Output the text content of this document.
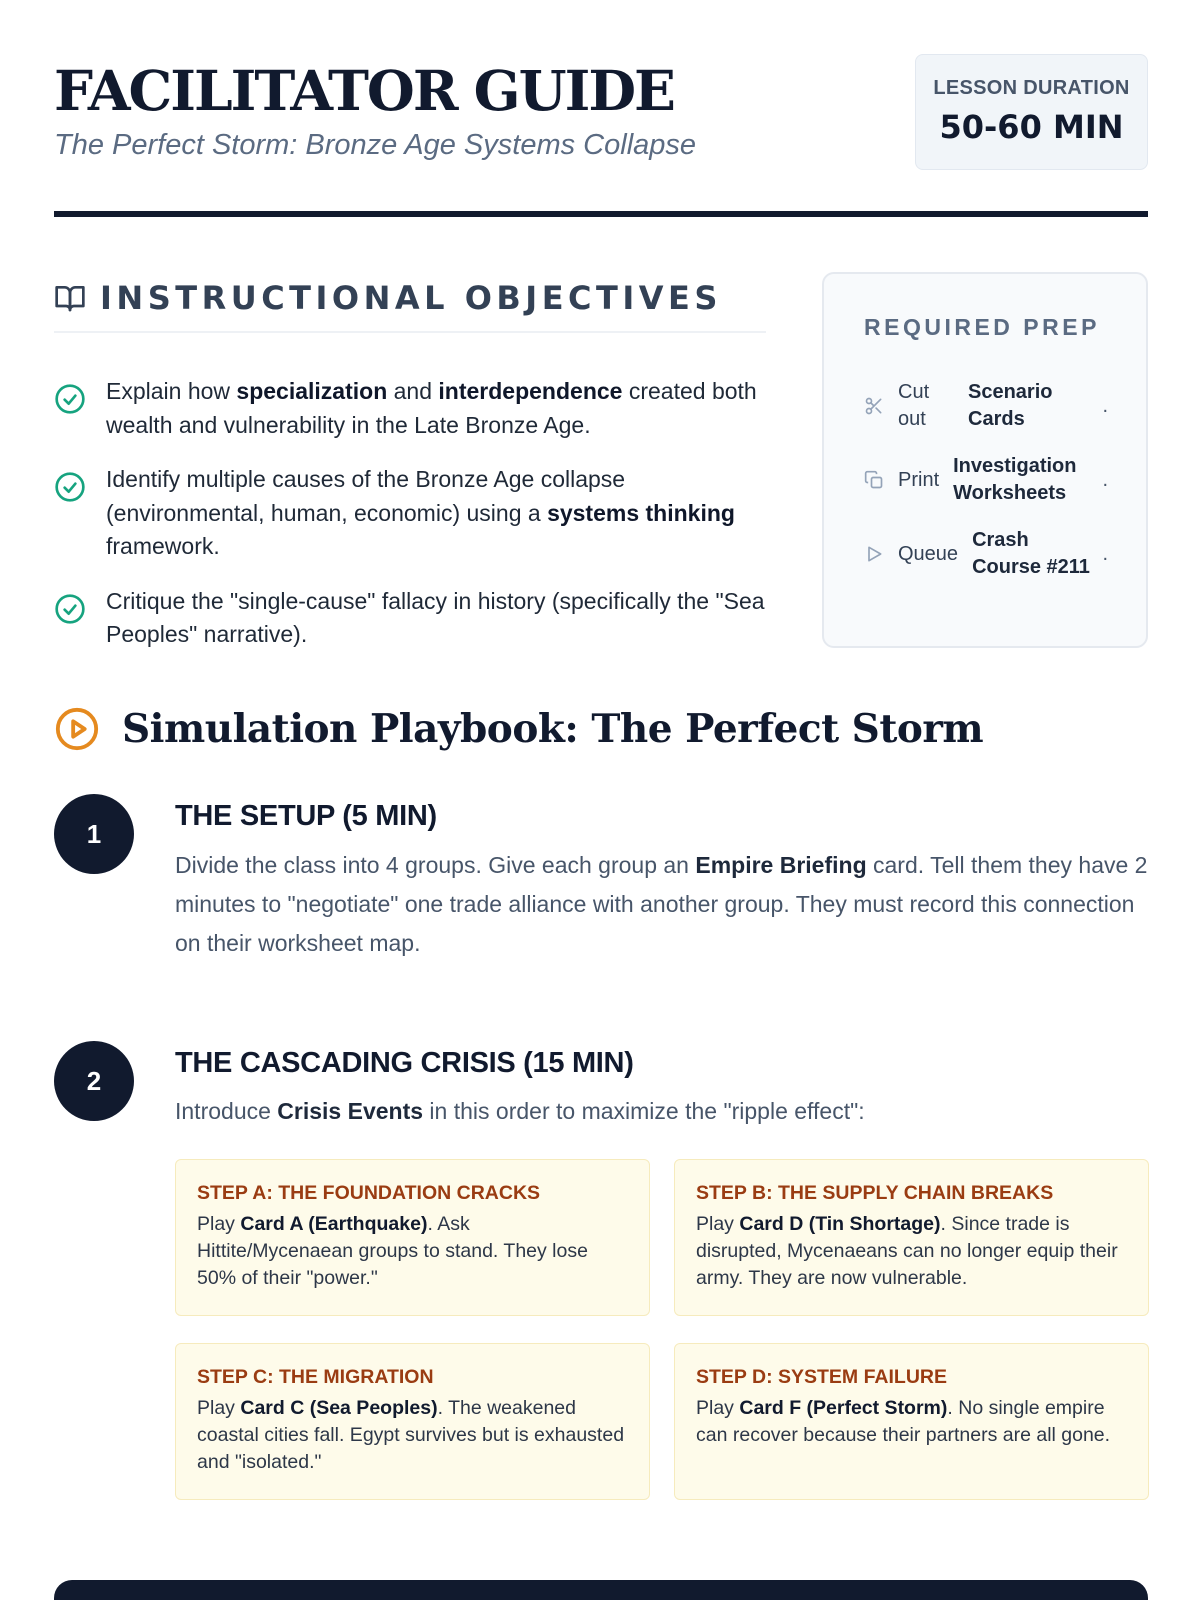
FACILITATOR GUIDE
The Perfect Storm: Bronze Age Systems Collapse
LESSON DURATION
50-60 MIN
INSTRUCTIONAL OBJECTIVES
Explain how specialization and interdependence created both wealth and vulnerability in the Late Bronze Age.
Identify multiple causes of the Bronze Age collapse (environmental, human, economic) using a systems thinking framework.
Critique the "single-cause" fallacy in history (specifically the "Sea Peoples" narrative).
REQUIRED PREP
Cut out
Scenario Cards
.
Print
Investigation Worksheets
.
Queue
Crash Course #211
.
Simulation Playbook: The Perfect Storm
1
THE SETUP (5 MIN)
Divide the class into 4 groups. Give each group an Empire Briefing card. Tell them they have 2 minutes to "negotiate" one trade alliance with another group. They must record this connection on their worksheet map.
2
THE CASCADING CRISIS (15 MIN)
Introduce Crisis Events in this order to maximize the "ripple effect":
STEP A: THE FOUNDATION CRACKS
Play Card A (Earthquake). Ask Hittite/Mycenaean groups to stand. They lose 50% of their "power."
STEP B: THE SUPPLY CHAIN BREAKS
Play Card D (Tin Shortage). Since trade is disrupted, Mycenaeans can no longer equip their army. They are now vulnerable.
STEP C: THE MIGRATION
Play Card C (Sea Peoples). The weakened coastal cities fall. Egypt survives but is exhausted and "isolated."
STEP D: SYSTEM FAILURE
Play Card F (Perfect Storm). No single empire can recover because their partners are all gone.
